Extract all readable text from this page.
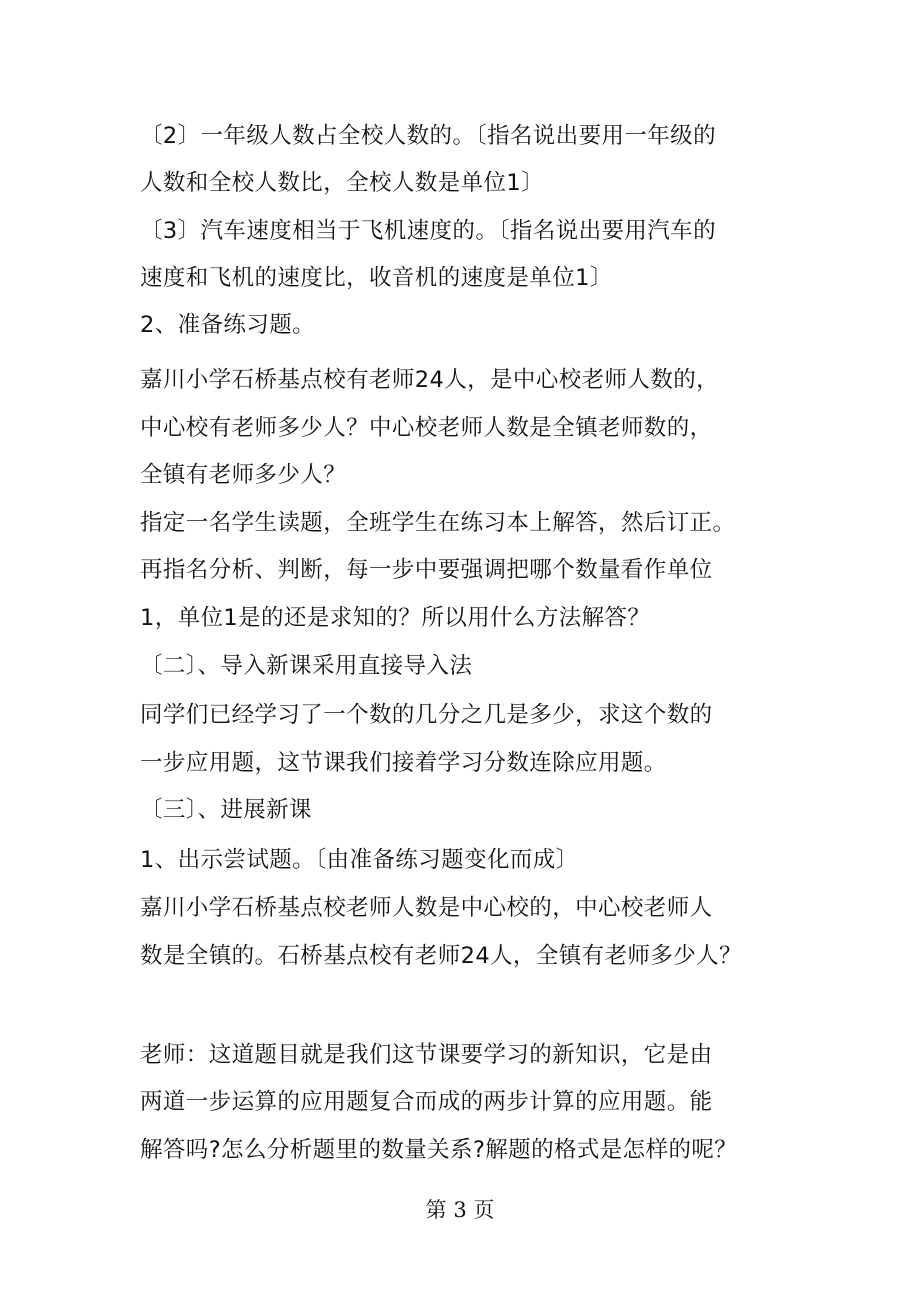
〔2〕一年级人数占全校人数的。〔指名说出要用一年级的
人数和全校人数比，全校人数是单位1〕
〔3〕汽车速度相当于飞机速度的。〔指名说出要用汽车的
速度和飞机的速度比，收音机的速度是单位1〕
2、准备练习题。
嘉川小学石桥基点校有老师24人，是中心校老师人数的，
中心校有老师多少人？中心校老师人数是全镇老师数的，
全镇有老师多少人？
指定一名学生读题，全班学生在练习本上解答，然后订正。
再指名分析、判断，每一步中要强调把哪个数量看作单位
1，单位1是的还是求知的？所以用什么方法解答？
〔二〕、导入新课采用直接导入法
同学们已经学习了一个数的几分之几是多少，求这个数的
一步应用题，这节课我们接着学习分数连除应用题。
〔三〕、进展新课
1、出示尝试题。〔由准备练习题变化而成〕
嘉川小学石桥基点校老师人数是中心校的，中心校老师人
数是全镇的。石桥基点校有老师24人，全镇有老师多少人？
老师：这道题目就是我们这节课要学习的新知识，它是由
两道一步运算的应用题复合而成的两步计算的应用题。能
解答吗?怎么分析题里的数量关系?解题的格式是怎样的呢？
第 3 页
